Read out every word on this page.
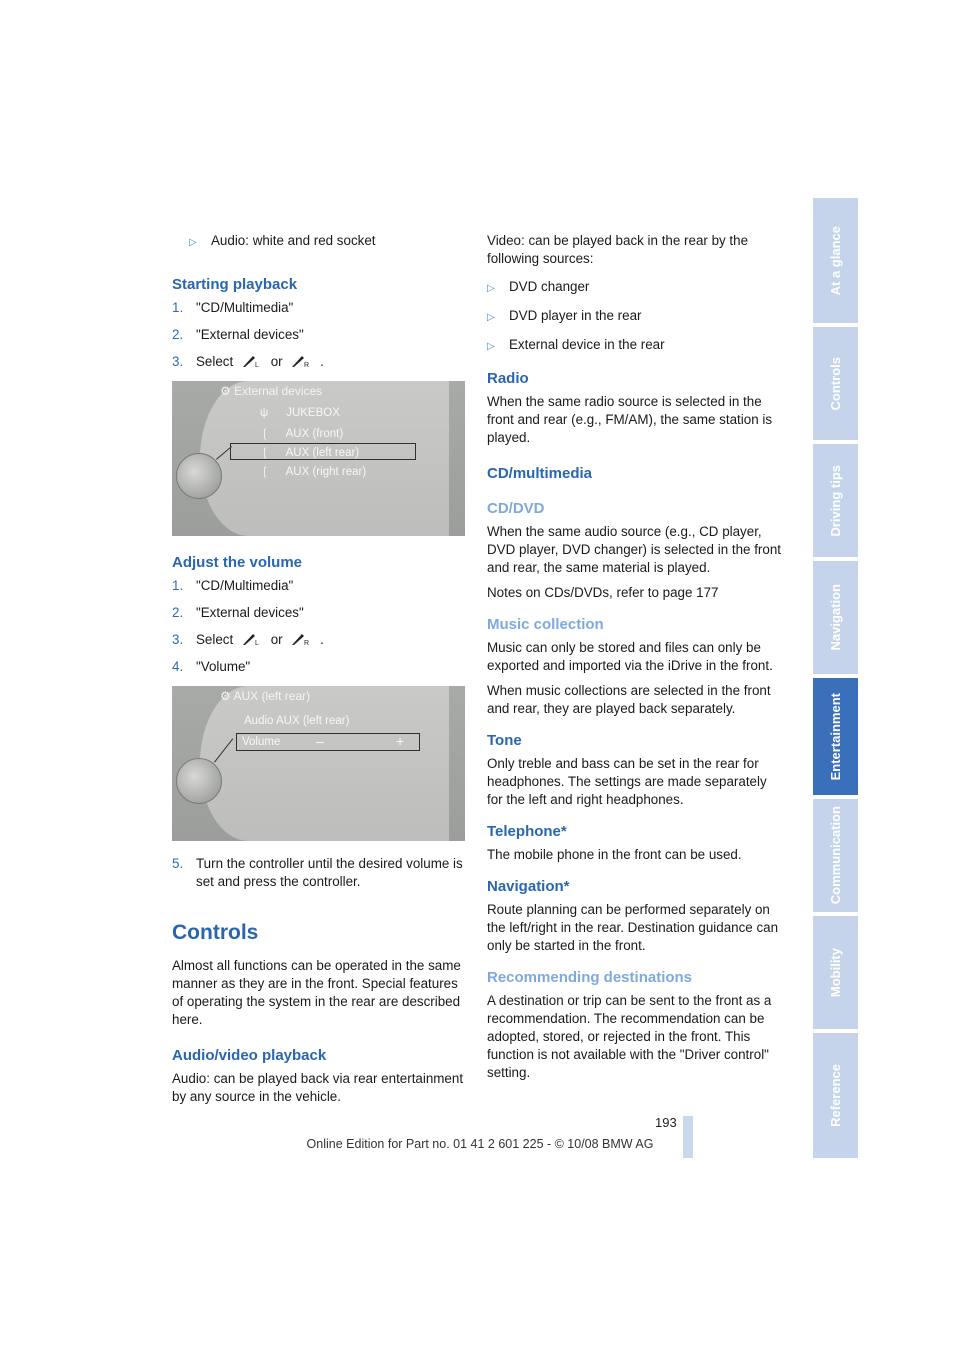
▷	Audio: white and red socket
Starting playback
1. "CD/Multimedia"
2. "External devices"
3. Select	L or	R .
⚙ External devices
ψ JUKEBOX
❲ AUX (front)
❲ AUX (left rear)
❲ AUX (right rear)
Adjust the volume
1. "CD/Multimedia"
2. "External devices"
3. Select	L or	R .
4. "Volume"
⚙ AUX (left rear)
Audio AUX (left rear)
Volume	–	+
5. Turn the controller until the desired volume is set and press the controller.
Controls

Almost all functions can be operated in the same manner as they are in the front. Special features of operating the system in the rear are described here.

Audio/video playback

Audio: can be played back via rear entertainment by any source in the vehicle.

Video: can be played back in the rear by the following sources:

▷	DVD changer
▷	DVD player in the rear
▷	External device in the rear
Radio

When the same radio source is selected in the front and rear (e.g., FM/AM), the same station is played.

CD/multimedia
CD/DVD

When the same audio source (e.g., CD player, DVD player, DVD changer) is selected in the front and rear, the same material is played.

Notes on CDs/DVDs, refer to page 177

Music collection

Music can only be stored and files can only be exported and imported via the iDrive in the front.

When music collections are selected in the front and rear, they are played back separately.

Tone

Only treble and bass can be set in the rear for headphones. The settings are made separately for the left and right headphones.

Telephone*

The mobile phone in the front can be used.

Navigation*

Route planning can be performed separately on the left/right in the rear. Destination guidance can only be started in the front.

Recommending destinations

A destination or trip can be sent to the front as a recommendation. The recommendation can be adopted, stored, or rejected in the front. This function is not available with the "Driver control" setting.

193
Online Edition for Part no. 01 41 2 601 225 - © 10/08 BMW AG
At a glance
Controls
Driving tips
Navigation
Entertainment
Communication
Mobility
Reference
